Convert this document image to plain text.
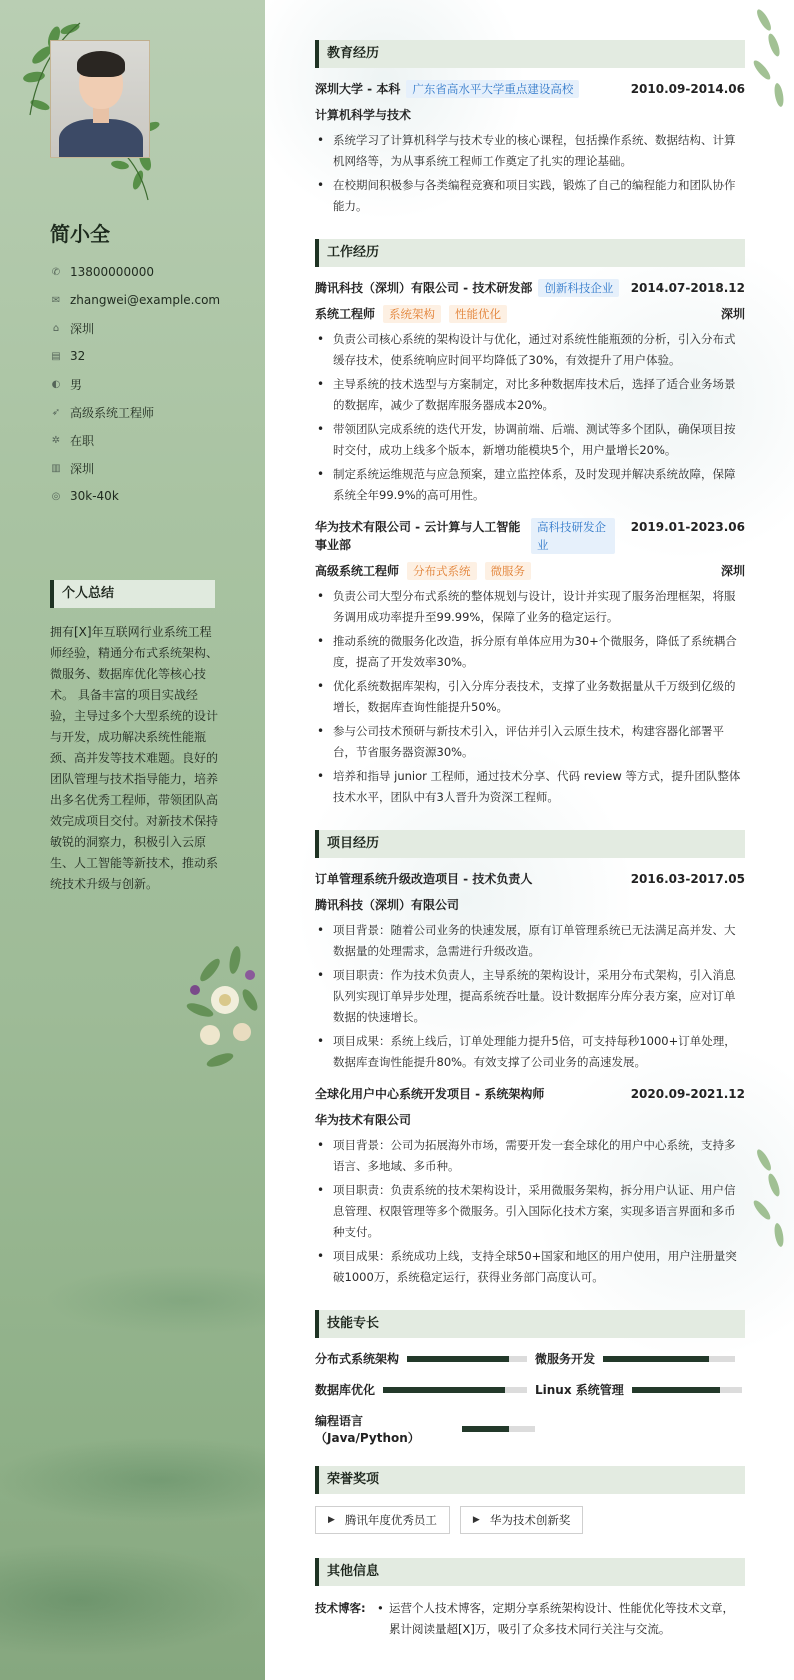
简小全
✆ 13800000000
✉ zhangwei@example.com
⌂ 深圳
▤ 32
◐ 男
➶ 高级系统工程师
✲ 在职
▥ 深圳
◎ 30k-40k
个人总结
拥有[X]年互联网行业系统工程师经验，精通分布式系统架构、微服务、数据库优化等核心技术。 具备丰富的项目实战经验，主导过多个大型系统的设计与开发，成功解决系统性能瓶颈、高并发等技术难题。良好的团队管理与技术指导能力，培养出多名优秀工程师，带领团队高效完成项目交付。对新技术保持敏锐的洞察力，积极引入云原生、人工智能等新技术，推动系统技术升级与创新。
教育经历
深圳大学 - 本科	广东省高水平大学重点建设高校	2010.09-2014.06
计算机科学与技术
• 系统学习了计算机科学与技术专业的核心课程，包括操作系统、数据结构、计算机网络等，为从事系统工程师工作奠定了扎实的理论基础。
• 在校期间积极参与各类编程竞赛和项目实践，锻炼了自己的编程能力和团队协作能力。
工作经历
腾讯科技（深圳）有限公司 - 技术研发部	创新科技企业	2014.07-2018.12
系统工程师	系统架构	性能优化	深圳
• 负责公司核心系统的架构设计与优化，通过对系统性能瓶颈的分析，引入分布式缓存技术，使系统响应时间平均降低了30%，有效提升了用户体验。
• 主导系统的技术选型与方案制定，对比多种数据库技术后，选择了适合业务场景的数据库，减少了数据库服务器成本20%。
• 带领团队完成系统的迭代开发，协调前端、后端、测试等多个团队，确保项目按时交付，成功上线多个版本，新增功能模块5个，用户量增长20%。
• 制定系统运维规范与应急预案，建立监控体系，及时发现并解决系统故障，保障系统全年99.9%的高可用性。
华为技术有限公司 - 云计算与人工智能事业部
高科技研发企业
2019.01-2023.06
高级系统工程师	分布式系统	微服务	深圳
• 负责公司大型分布式系统的整体规划与设计，设计并实现了服务治理框架，将服务调用成功率提升至99.99%，保障了业务的稳定运行。
• 推动系统的微服务化改造，拆分原有单体应用为30+个微服务，降低了系统耦合度，提高了开发效率30%。
• 优化系统数据库架构，引入分库分表技术，支撑了业务数据量从千万级到亿级的增长，数据库查询性能提升50%。
• 参与公司技术预研与新技术引入，评估并引入云原生技术，构建容器化部署平台，节省服务器资源30%。
• 培养和指导 junior 工程师，通过技术分享、代码 review 等方式，提升团队整体技术水平，团队中有3人晋升为资深工程师。
项目经历
订单管理系统升级改造项目 - 技术负责人	2016.03-2017.05
腾讯科技（深圳）有限公司
• 项目背景：随着公司业务的快速发展，原有订单管理系统已无法满足高并发、大数据量的处理需求，急需进行升级改造。
• 项目职责：作为技术负责人，主导系统的架构设计，采用分布式架构，引入消息队列实现订单异步处理，提高系统吞吐量。设计数据库分库分表方案，应对订单数据的快速增长。
• 项目成果：系统上线后，订单处理能力提升5倍，可支持每秒1000+订单处理，数据库查询性能提升80%。有效支撑了公司业务的高速发展。
全球化用户中心系统开发项目 - 系统架构师	2020.09-2021.12
华为技术有限公司
• 项目背景：公司为拓展海外市场，需要开发一套全球化的用户中心系统，支持多语言、多地域、多币种。
• 项目职责：负责系统的技术架构设计，采用微服务架构，拆分用户认证、用户信息管理、权限管理等多个微服务。引入国际化技术方案，实现多语言界面和多币种支付。
• 项目成果：系统成功上线，支持全球50+国家和地区的用户使用，用户注册量突破1000万，系统稳定运行，获得业务部门高度认可。
技能专长
分布式系统架构	微服务开发
数据库优化	Linux 系统管理
编程语言（Java/Python）
荣誉奖项
▶ 腾讯年度优秀员工	▶ 华为技术创新奖
其他信息
技术博客:
•	运营个人技术博客，定期分享系统架构设计、性能优化等技术文章，累计阅读量超[X]万，吸引了众多技术同行关注与交流。
